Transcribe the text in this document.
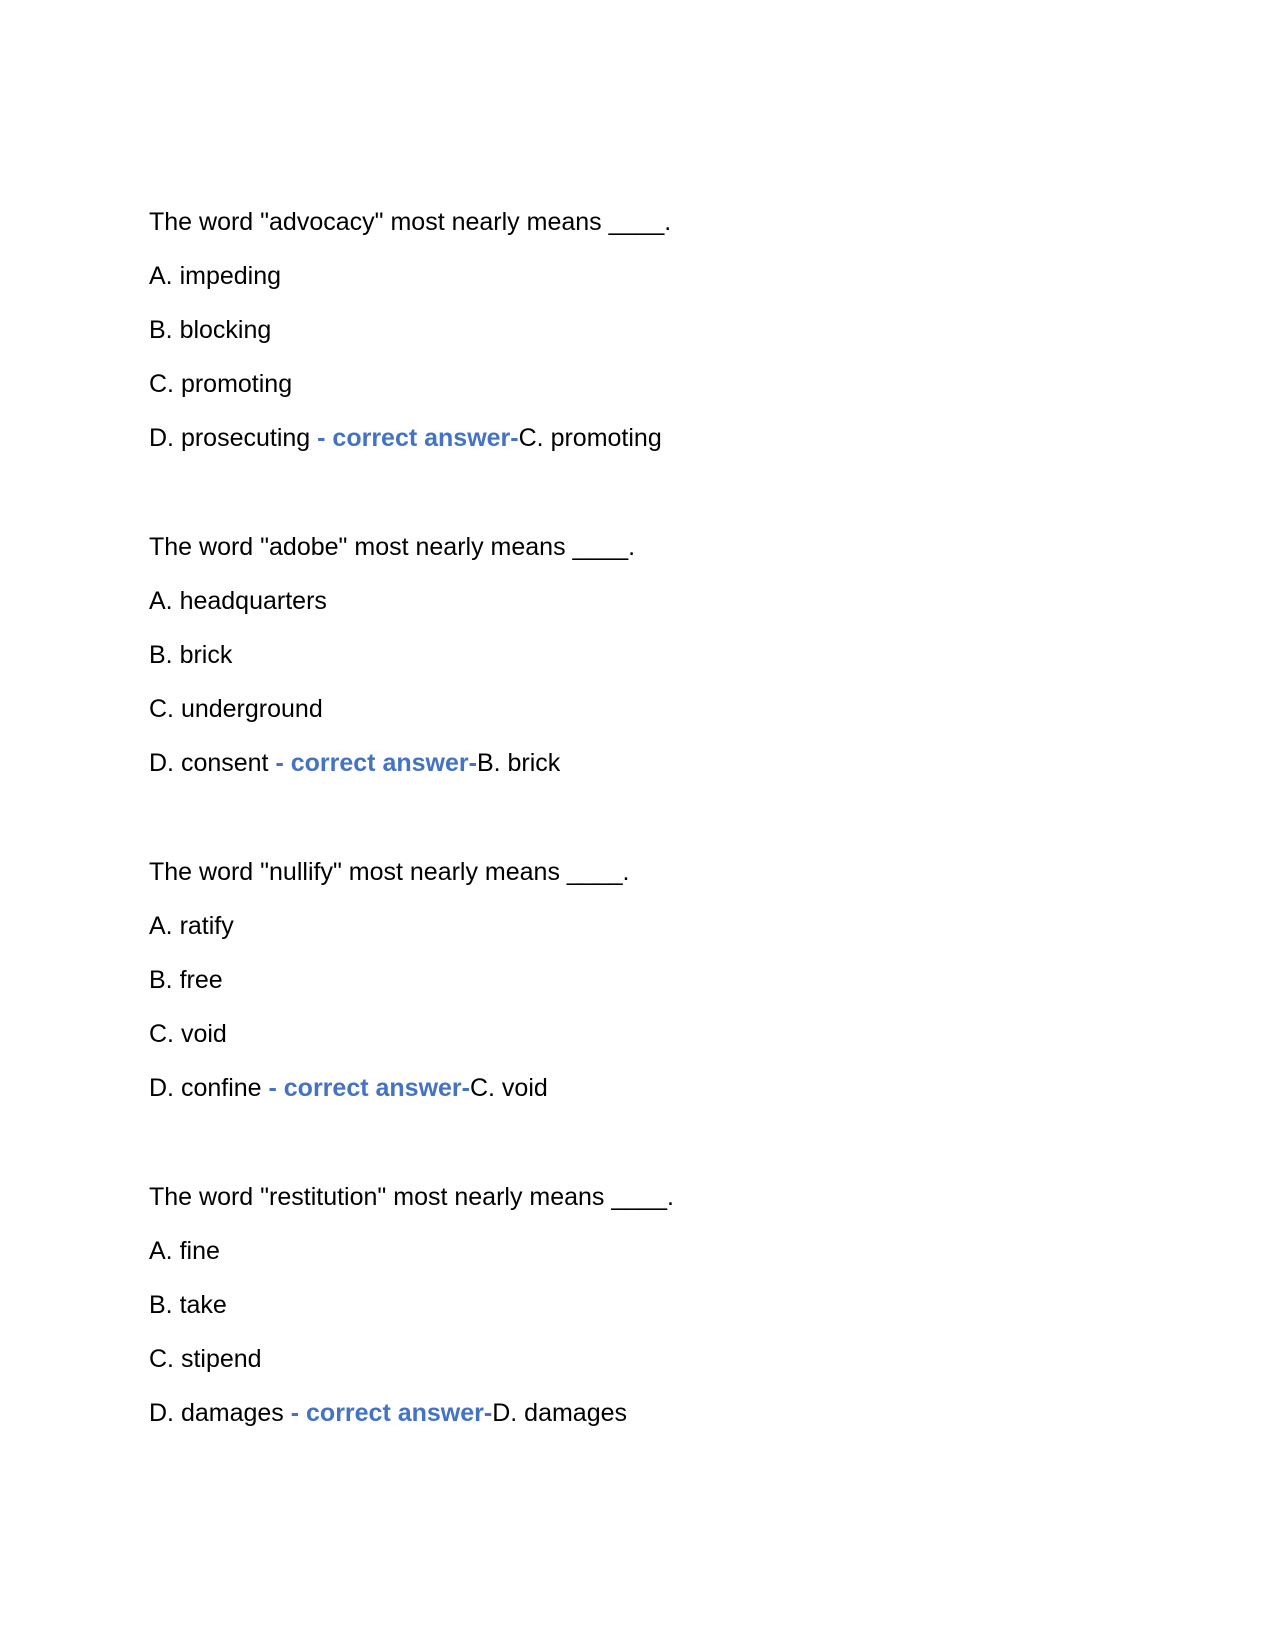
The word "advocacy" most nearly means ____.
A. impeding
B. blocking
C. promoting
D. prosecuting - correct answer-C. promoting
The word "adobe" most nearly means ____.
A. headquarters
B. brick
C. underground
D. consent - correct answer-B. brick
The word "nullify" most nearly means ____.
A. ratify
B. free
C. void
D. confine - correct answer-C. void
The word "restitution" most nearly means ____.
A. fine
B. take
C. stipend
D. damages - correct answer-D. damages
